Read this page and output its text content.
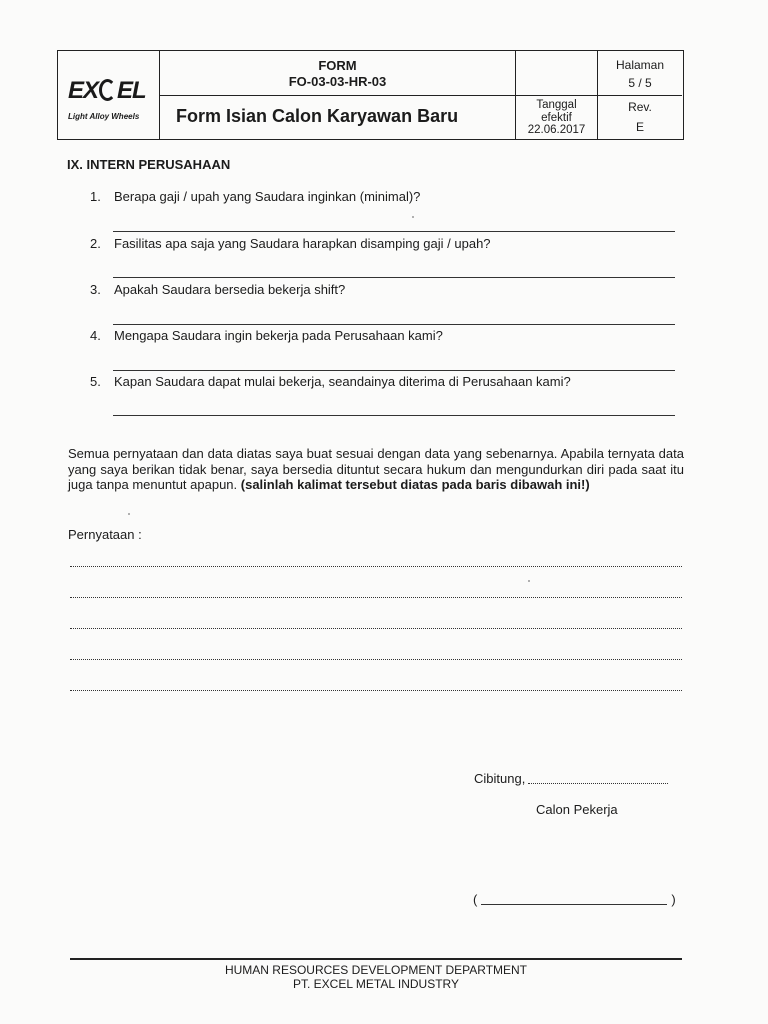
EX EL
Light Alloy Wheels
FORM
FO-03-03-HR-03
Halaman
5 / 5
Form Isian Calon Karyawan Baru
Tanggal
efektif
22.06.2017
Rev.
E
IX. INTERN PERUSAHAAN
1. Berapa gaji / upah yang Saudara inginkan (minimal)?
2. Fasilitas apa saja yang Saudara harapkan disamping gaji / upah?
3. Apakah Saudara bersedia bekerja shift?
4. Mengapa Saudara ingin bekerja pada Perusahaan kami?
5. Kapan Saudara dapat mulai bekerja, seandainya diterima di Perusahaan kami?
Semua pernyataan dan data diatas saya buat sesuai dengan data yang sebenarnya. Apabila ternyata data yang saya berikan tidak benar, saya bersedia dituntut secara hukum dan mengundurkan diri pada saat itu juga tanpa menuntut apapun. (salinlah kalimat tersebut diatas pada baris dibawah ini!)
Pernyataan :
Cibitung,
Calon Pekerja
(	)
HUMAN RESOURCES DEVELOPMENT DEPARTMENT
PT. EXCEL METAL INDUSTRY
